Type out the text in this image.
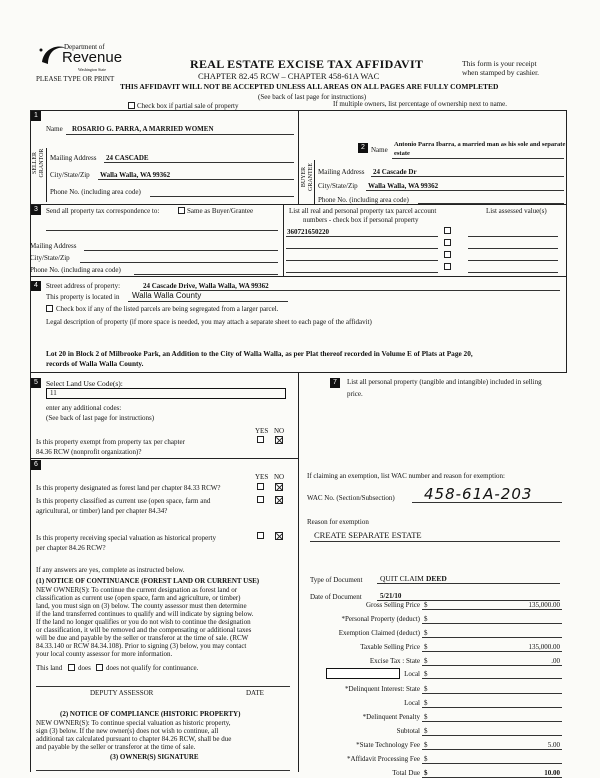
Department of
Revenue
Washington State
PLEASE TYPE OR PRINT
REAL ESTATE EXCISE TAX AFFIDAVIT
CHAPTER 82.45 RCW – CHAPTER 458-61A WAC
This form is your receipt
when stamped by cashier.
THIS AFFIDAVIT WILL NOT BE ACCEPTED UNLESS ALL AREAS ON ALL PAGES ARE FULLY COMPLETED
(See back of last page for instructions)
Check box if partial sale of property	If multiple owners, list percentage of ownership next to name.
1
Name ROSARIO G. PARRA, A MARRIED WOMEN
SELLER GRANTOR Mailing Address 24 CASCADE
City/State/Zip Walla Walla, WA 99362
Phone No. (including area code)
2 Name
Antonio Parra Ibarra, a married man as his sole and separate
estate
BUYER GRANTEE Mailing Address 24 Cascade Dr
City/State/Zip Walla Walla, WA 99362
Phone No. (including area code)
3	Send all property tax correspondence to:	Same as Buyer/Grantee	List all real and personal property tax parcel account
numbers - check box if personal property
List assessed value(s)
360721650220
Mailing Address
City/State/Zip
Phone No. (including area code)
4	Street address of property:	24 Cascade Drive, Walla Walla, WA 99362
This property is located in Walla Walla County
Check box if any of the listed parcels are being segregated from a larger parcel.
Legal description of property (if more space is needed, you may attach a separate sheet to each page of the affidavit)
Lot 20 in Block 2 of Milbrooke Park, an Addition to the City of Walla Walla, as per Plat thereof recorded in Volume E of Plats at Page 20,
records of Walla Walla County.
5	Select Land Use Code(s):
11
enter any additional codes:
(See back of last page for instructions)
YES NO
Is this property exempt from property tax per chapter
84.36 RCW (nonprofit organization)?
6
YES NO
Is this property designated as forest land per chapter 84.33 RCW?
Is this property classified as current use (open space, farm and
agricultural, or timber) land per chapter 84.34?
Is this property receiving special valuation as historical property
per chapter 84.26 RCW?
If any answers are yes, complete as instructed below.
(1) NOTICE OF CONTINUANCE (FOREST LAND OR CURRENT USE)
NEW OWNER(S): To continue the current designation as forest land or
classification as current use (open space, farm and agriculture, or timber)
land, you must sign on (3) below. The county assessor must then determine
if the land transferred continues to qualify and will indicate by signing below.
If the land no longer qualifies or you do not wish to continue the designation
or classification, it will be removed and the compensating or additional taxes
will be due and payable by the seller or transferor at the time of sale. (RCW
84.33.140 or RCW 84.34.108). Prior to signing (3) below, you may contact
your local county assessor for more information.
This land does does not qualify for continuance.
DEPUTY ASSESSOR	DATE
(2) NOTICE OF COMPLIANCE (HISTORIC PROPERTY)
NEW OWNER(S): To continue special valuation as historic property,
sign (3) below. If the new owner(s) does not wish to continue, all
additional tax calculated pursuant to chapter 84.26 RCW, shall be due
and payable by the seller or transferor at the time of sale.
(3) OWNER(S) SIGNATURE
7	List all personal property (tangible and intangible) included in selling
price.
If claiming an exemption, list WAC number and reason for exemption:
WAC No. (Section/Subsection) 458-61A-203
Reason for exemption
CREATE SEPARATE ESTATE
Type of Document QUIT CLAIM DEED
Date of Document	5/21/10
Gross Selling Price $	135,000.00
*Personal Property (deduct) $
Exemption Claimed (deduct) $
Taxable Selling Price $	135,000.00
Excise Tax : State $	.00
Local $
*Delinquent Interest: State $
Local $
*Delinquent Penalty $
Subtotal $
*State Technology Fee $	5.00
*Affidavit Processing Fee $
Total Due $	10.00
